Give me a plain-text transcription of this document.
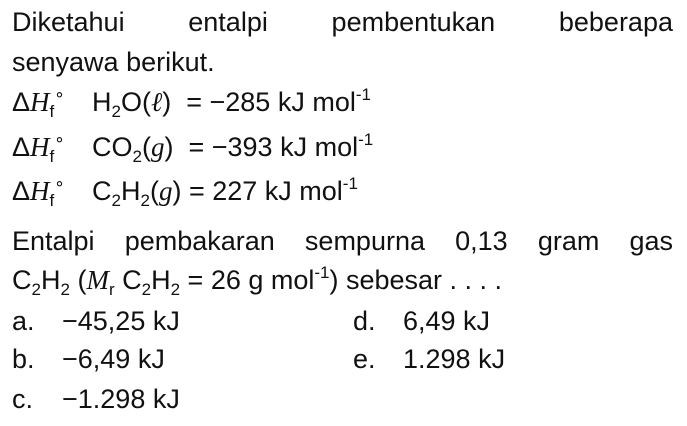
Diketahui entalpi pembentukan beberapa
senyawa berikut.
$\Delta H_f^\circ$ $H_2O(\ell) = -285$ kJ mol$^{-1}$
$\Delta H_f^\circ$ $CO_2(g) = -393$ kJ mol$^{-1}$
$\Delta H_f^\circ$ $C_2H_2(g) = 227$ kJ mol$^{-1}$
Entalpi pembakaran sempurna 0,13 gram gas
$C_2H_2$ ($M_r$ $C_2H_2 = 26$ g mol$^{-1}$) sebesar . . . .
a. −45,25 kJ
b. −6,49 kJ
c. −1.298 kJ
d. 6,49 kJ
e. 1.298 kJ
